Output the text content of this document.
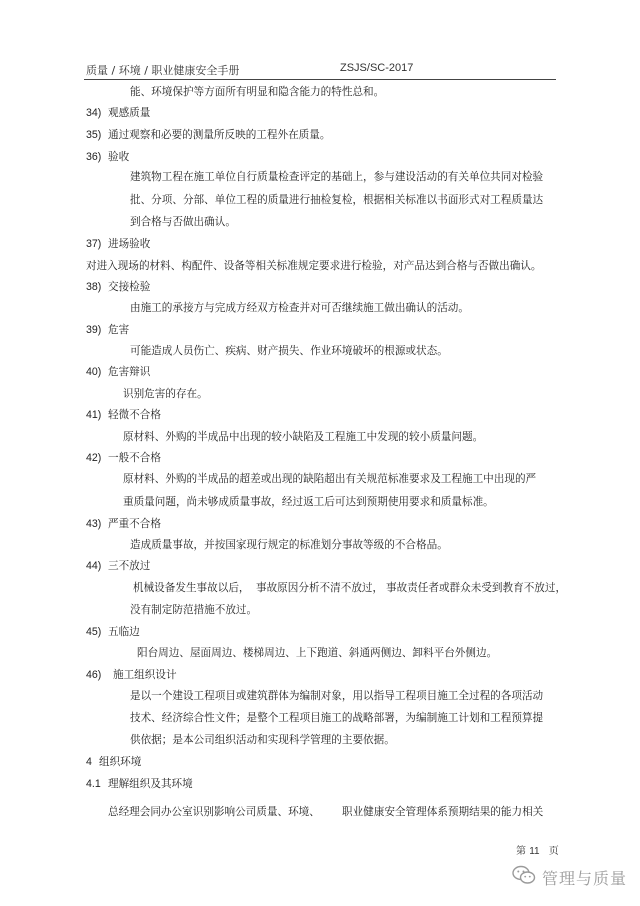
质量 / 环境 / 职业健康安全手册	ZSJS/SC-2017
能、环境保护等方面所有明显和隐含能力的特性总和。
34) 观感质量
35) 通过观察和必要的测量所反映的工程外在质量。
36) 验收
建筑物工程在施工单位自行质量检查评定的基础上，参与建设活动的有关单位共同对检验
批、分项、分部、单位工程的质量进行抽检复检，根据相关标准以书面形式对工程质量达
到合格与否做出确认。
37) 进场验收
对进入现场的材料、构配件、设备等相关标准规定要求进行检验，对产品达到合格与否做出确认。
38) 交接检验
由施工的承接方与完成方经双方检查并对可否继续施工做出确认的活动。
39) 危害
可能造成人员伤亡、疾病、财产损失、作业环境破坏的根源或状态。
40) 危害辩识
识别危害的存在。
41) 轻微不合格
原材料、外购的半成品中出现的较小缺陷及工程施工中发现的较小质量问题。
42) 一般不合格
原材料、外购的半成品的超差或出现的缺陷超出有关规范标准要求及工程施工中出现的严
重质量问题，尚未够成质量事故，经过返工后可达到预期使用要求和质量标准。
43) 严重不合格
造成质量事故，并按国家现行规定的标准划分事故等级的不合格品。
44) 三不放过
机械设备发生事故以后， 事故原因分析不清不放过， 事故责任者或群众未受到教育不放过，
没有制定防范措施不放过。
45) 五临边
阳台周边、屋面周边、楼梯周边、上下跑道、斜通两侧边、卸料平台外侧边。
46) 施工组织设计
是以一个建设工程项目或建筑群体为编制对象，用以指导工程项目施工全过程的各项活动
技术、经济综合性文件；是整个工程项目施工的战略部署，为编制施工计划和工程预算提
供依据；是本公司组织活动和实现科学管理的主要依据。
4 组织环境
4.1 理解组织及其环境
总经理会同办公室识别影响公司质量、环境、 职业健康安全管理体系预期结果的能力相关
第 11 页
管理与质量
